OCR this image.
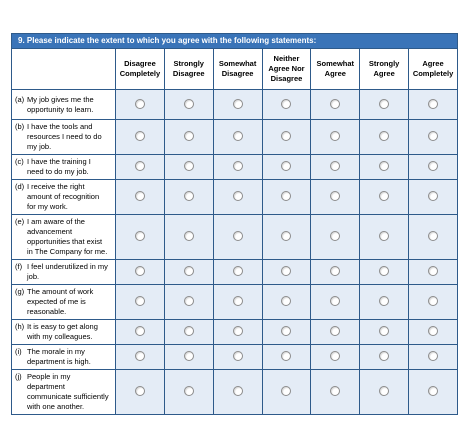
9. Please indicate the extent to which you agree with the following statements:							
	Disagree Completely	Strongly Disagree	Somewhat Disagree	Neither Agree Nor Disagree	Somewhat Agree	Strongly Agree	Agree Completely
(a) My job gives me the opportunity to learn.							
(b) I have the tools and resources I need to do my job.							
(c) I have the training I need to do my job.							
(d) I receive the right amount of recognition for my work.							
(e) I am aware of the advancement opportunities that exist in The Company for me.							
(f) I feel underutilized in my job.							
(g) The amount of work expected of me is reasonable.							
(h) It is easy to get along with my colleagues.							
(i) The morale in my department is high.							
(j) People in my department communicate sufficiently with one another.							
